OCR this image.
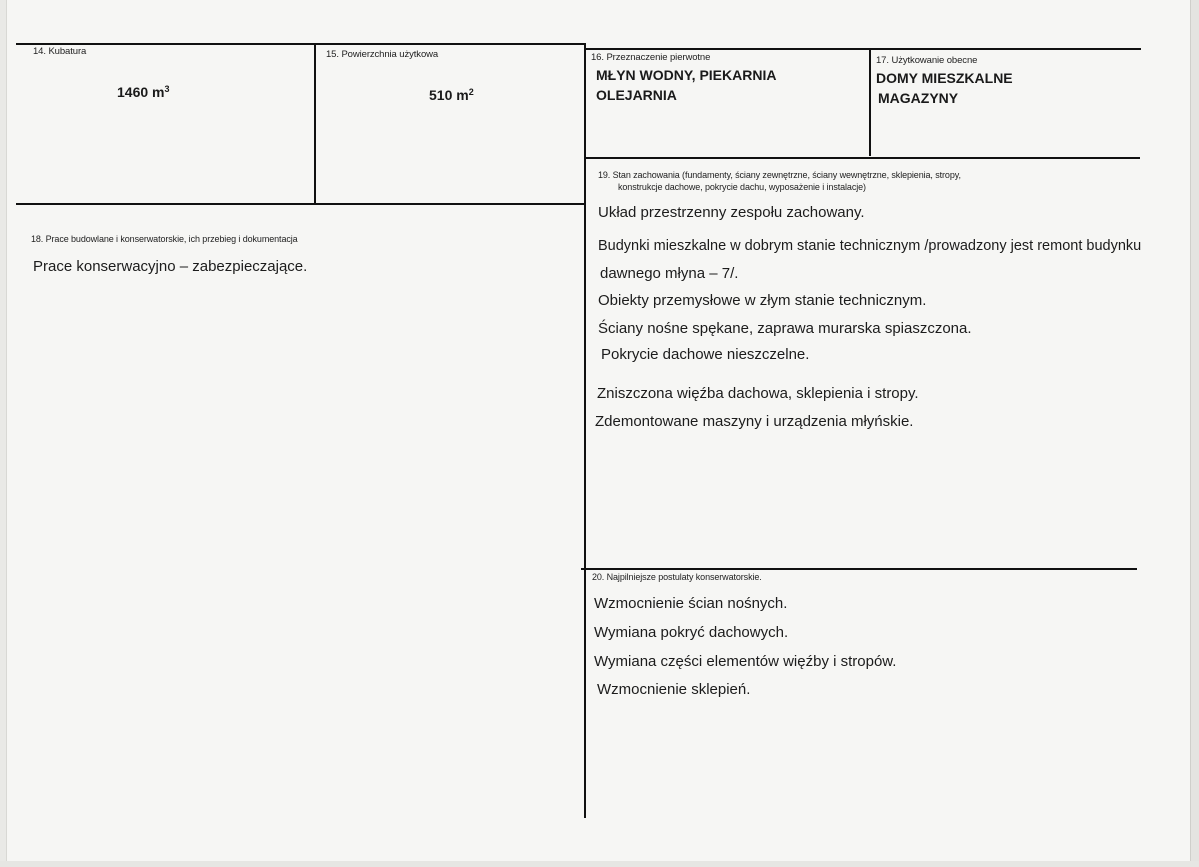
14. Kubatura
1460 $m^3$
15. Powierzchnia użytkowa
510 $m^2$
16. Przeznaczenie pierwotne
MŁYN WODNY, PIEKARNIA
OLEJARNIA
17. Użytkowanie obecne
DOMY MIESZKALNE
MAGAZYNY
18. Prace budowlane i konserwatorskie, ich przebieg i dokumentacja
Prace konserwacyjno – zabezpieczające.
19. Stan zachowania (fundamenty, ściany zewnętrzne, ściany wewnętrzne, sklepienia, stropy,
konstrukcje dachowe, pokrycie dachu, wyposażenie i instalacje)
Układ przestrzenny zespołu zachowany.
Budynki mieszkalne w dobrym stanie technicznym /prowadzony jest remont budynku
dawnego młyna – 7/.
Obiekty przemysłowe w złym stanie technicznym.
Ściany nośne spękane, zaprawa murarska spiaszczona.
Pokrycie dachowe nieszczelne.
Zniszczona więźba dachowa, sklepienia i stropy.
Zdemontowane maszyny i urządzenia młyńskie.
20. Najpilniejsze postulaty konserwatorskie.
Wzmocnienie ścian nośnych.
Wymiana pokryć dachowych.
Wymiana części elementów więźby i stropów.
Wzmocnienie sklepień.
